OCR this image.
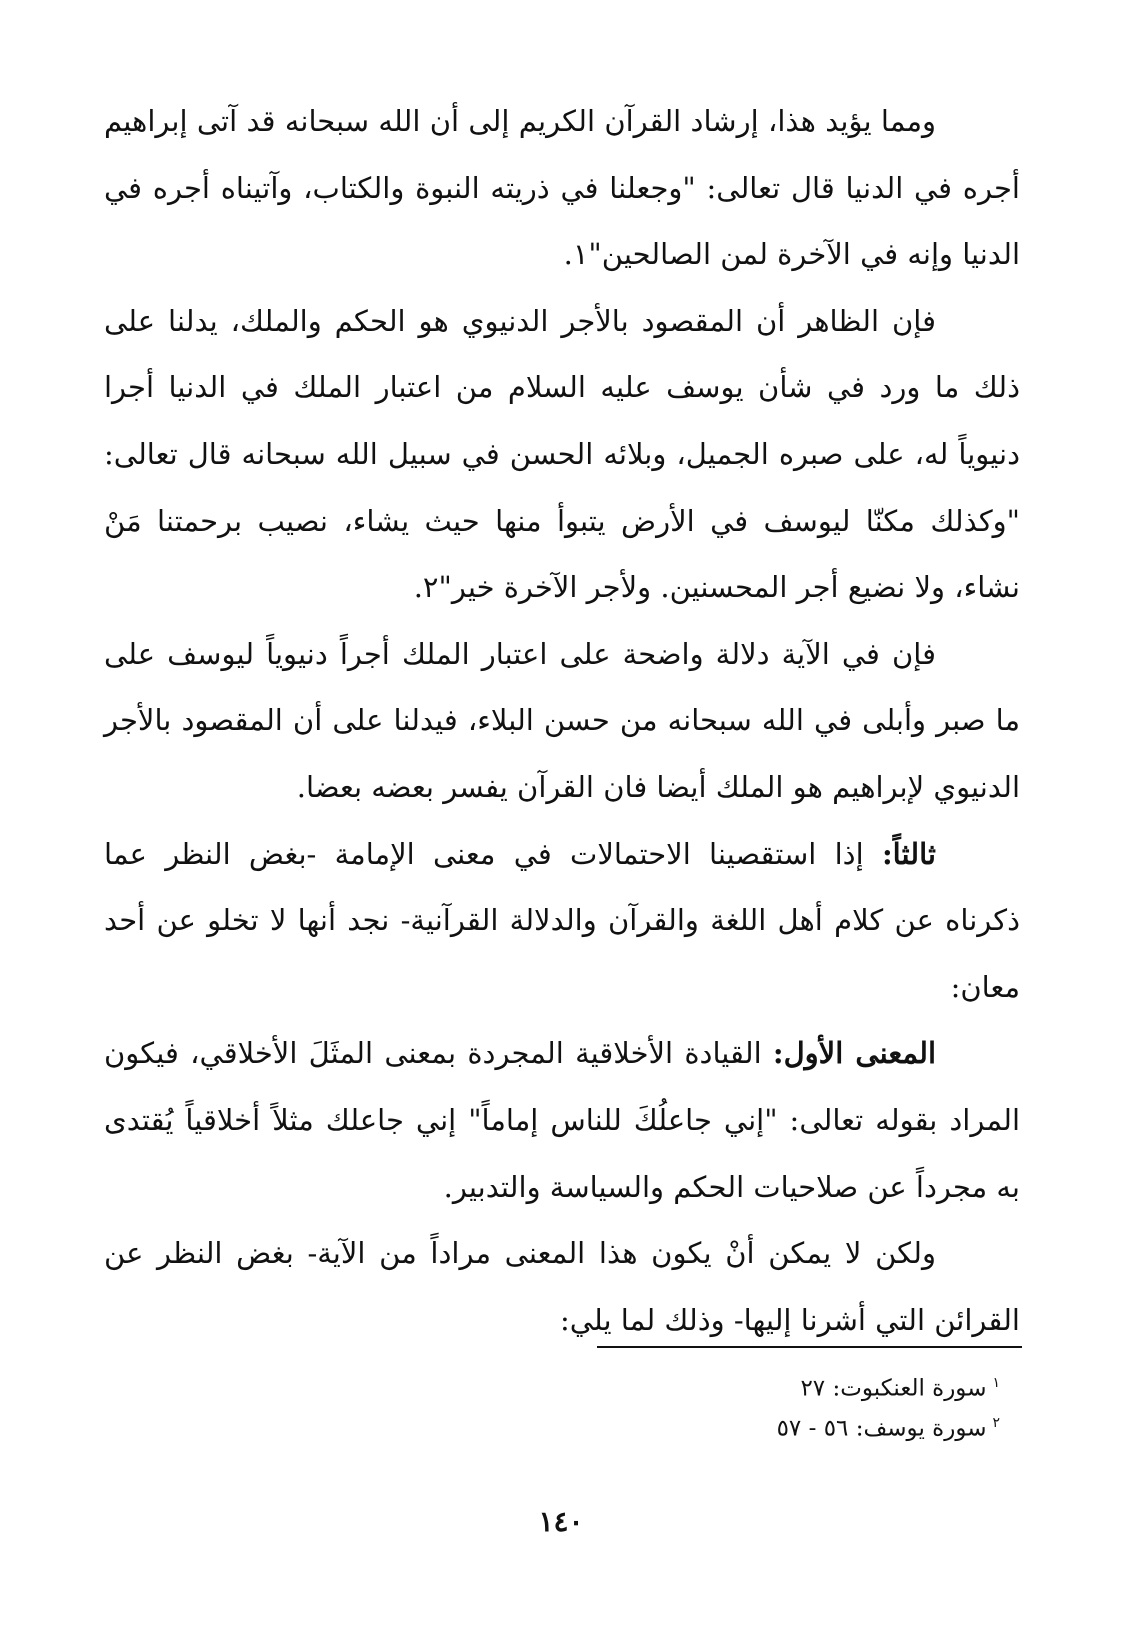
ومما يؤيد هذا، إرشاد القرآن الكريم إلى أن الله سبحانه قد آتى إبراهيم أجره في الدنيا قال تعالى: "وجعلنا في ذريته النبوة والكتاب، وآتيناه أجره في الدنيا وإنه في الآخرة لمن الصالحين"١.

فإن الظاهر أن المقصود بالأجر الدنيوي هو الحكم والملك، يدلنا على ذلك ما ورد في شأن يوسف عليه السلام من اعتبار الملك في الدنيا أجرا دنيوياً له، على صبره الجميل، وبلائه الحسن في سبيل الله سبحانه قال تعالى: "وكذلك مكنّا ليوسف في الأرض يتبوأ منها حيث يشاء، نصيب برحمتنا مَنْ نشاء، ولا نضيع أجر المحسنين. ولأجر الآخرة خير"٢.

فإن في الآية دلالة واضحة على اعتبار الملك أجراً دنيوياً ليوسف على ما صبر وأبلى في الله سبحانه من حسن البلاء، فيدلنا على أن المقصود بالأجر الدنيوي لإبراهيم هو الملك أيضا فان القرآن يفسر بعضه بعضا.

ثالثاً: إذا استقصينا الاحتمالات في معنى الإمامة -بغض النظر عما ذكرناه عن كلام أهل اللغة والقرآن والدلالة القرآنية- نجد أنها لا تخلو عن أحد معان:

المعنى الأول: القيادة الأخلاقية المجردة بمعنى المثَلَ الأخلاقي، فيكون المراد بقوله تعالى: "إني جاعلُكَ للناس إماماً" إني جاعلك مثلاً أخلاقياً يُقتدى به مجرداً عن صلاحيات الحكم والسياسة والتدبير.

ولكن لا يمكن أنْ يكون هذا المعنى مراداً من الآية- بغض النظر عن القرائن التي أشرنا إليها- وذلك لما يلي:

$^١$سورة العنكبوت: ٢٧
$^٢$سورة يوسف: ٥٦ - ٥٧
١٤٠
